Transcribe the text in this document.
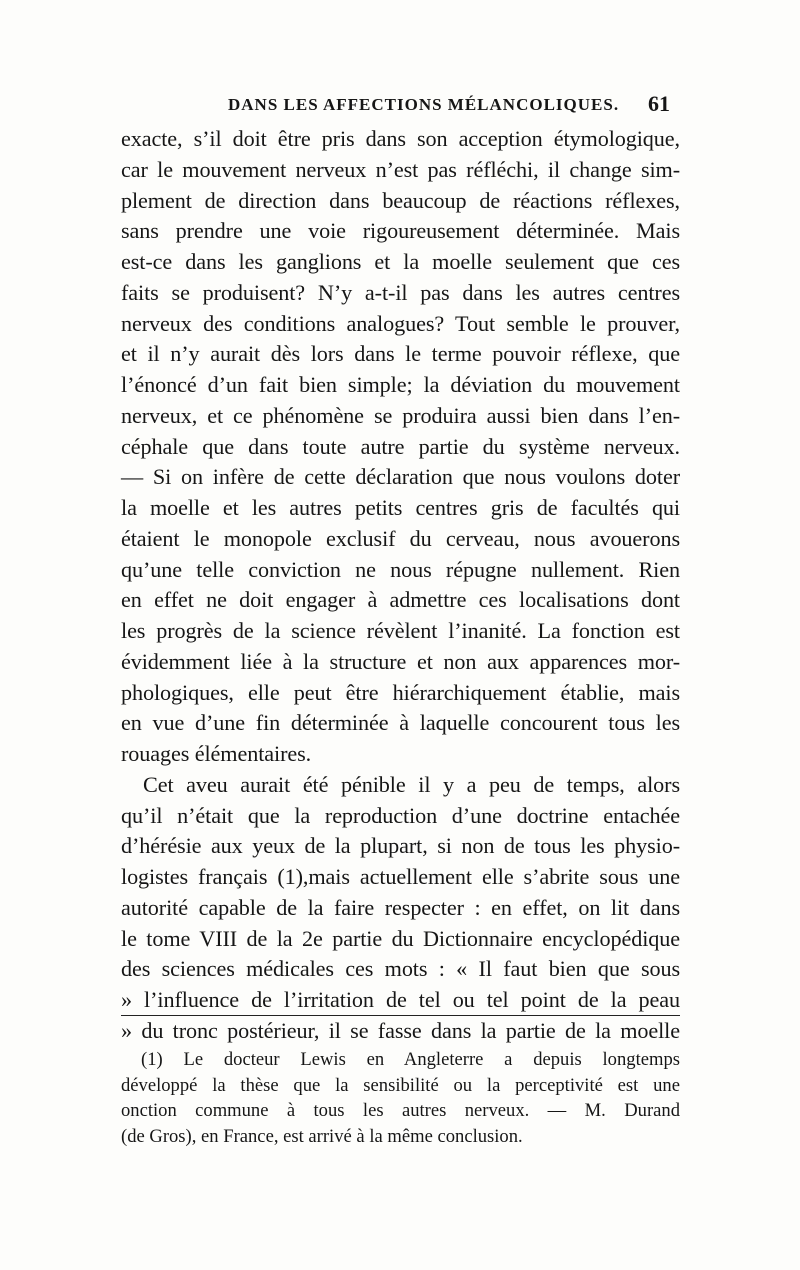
DANS LES AFFECTIONS MÉLANCOLIQUES. 61
exacte, s’il doit être pris dans son acception étymologique,
car le mouvement nerveux n’est pas réfléchi, il change sim-
plement de direction dans beaucoup de réactions réflexes,
sans prendre une voie rigoureusement déterminée. Mais
est-ce dans les ganglions et la moelle seulement que ces
faits se produisent? N’y a-t-il pas dans les autres centres
nerveux des conditions analogues? Tout semble le prouver,
et il n’y aurait dès lors dans le terme pouvoir réflexe, que
l’énoncé d’un fait bien simple; la déviation du mouvement
nerveux, et ce phénomène se produira aussi bien dans l’en-
céphale que dans toute autre partie du système nerveux.
— Si on infère de cette déclaration que nous voulons doter
la moelle et les autres petits centres gris de facultés qui
étaient le monopole exclusif du cerveau, nous avouerons
qu’une telle conviction ne nous répugne nullement. Rien
en effet ne doit engager à admettre ces localisations dont
les progrès de la science révèlent l’inanité. La fonction est
évidemment liée à la structure et non aux apparences mor-
phologiques, elle peut être hiérarchiquement établie, mais
en vue d’une fin déterminée à laquelle concourent tous les
rouages élémentaires.
Cet aveu aurait été pénible il y a peu de temps, alors
qu’il n’était que la reproduction d’une doctrine entachée
d’hérésie aux yeux de la plupart, si non de tous les physio-
logistes français (1),mais actuellement elle s’abrite sous une
autorité capable de la faire respecter : en effet, on lit dans
le tome VIII de la 2e partie du Dictionnaire encyclopédique
des sciences médicales ces mots : « Il faut bien que sous
» l’influence de l’irritation de tel ou tel point de la peau
» du tronc postérieur, il se fasse dans la partie de la moelle
(1) Le docteur Lewis en Angleterre a depuis longtemps
développé la thèse que la sensibilité ou la perceptivité est une
onction commune à tous les autres nerveux. — M. Durand
(de Gros), en France, est arrivé à la même conclusion.
